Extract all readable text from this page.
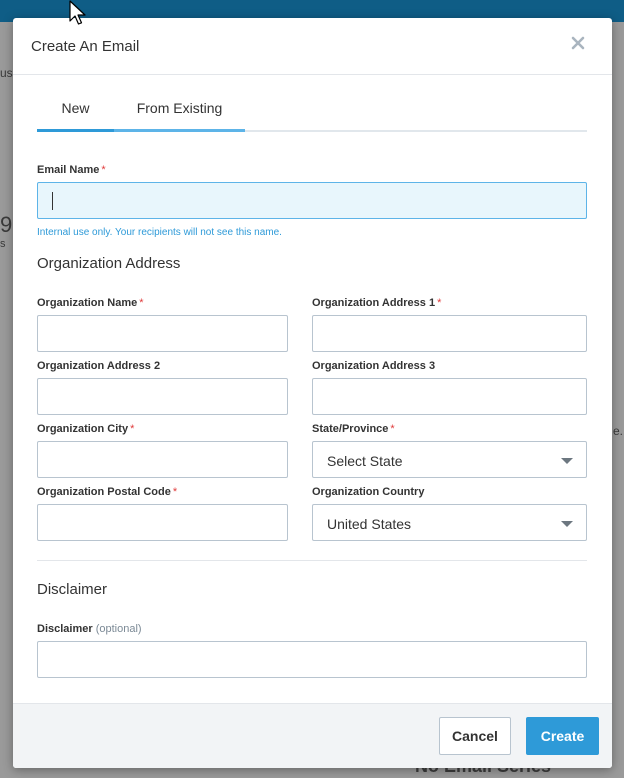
us
9
s
e.
Create An Email
New	From Existing
Email Name *
Internal use only. Your recipients will not see this name.
Organization Address
Organization Name *	Organization Address 1 *
Organization Address 2	Organization Address 3
Organization City *	State/Province *
Select State
Organization Postal Code *	Organization Country
United States
Disclaimer
Disclaimer (optional)
Cancel	Create
